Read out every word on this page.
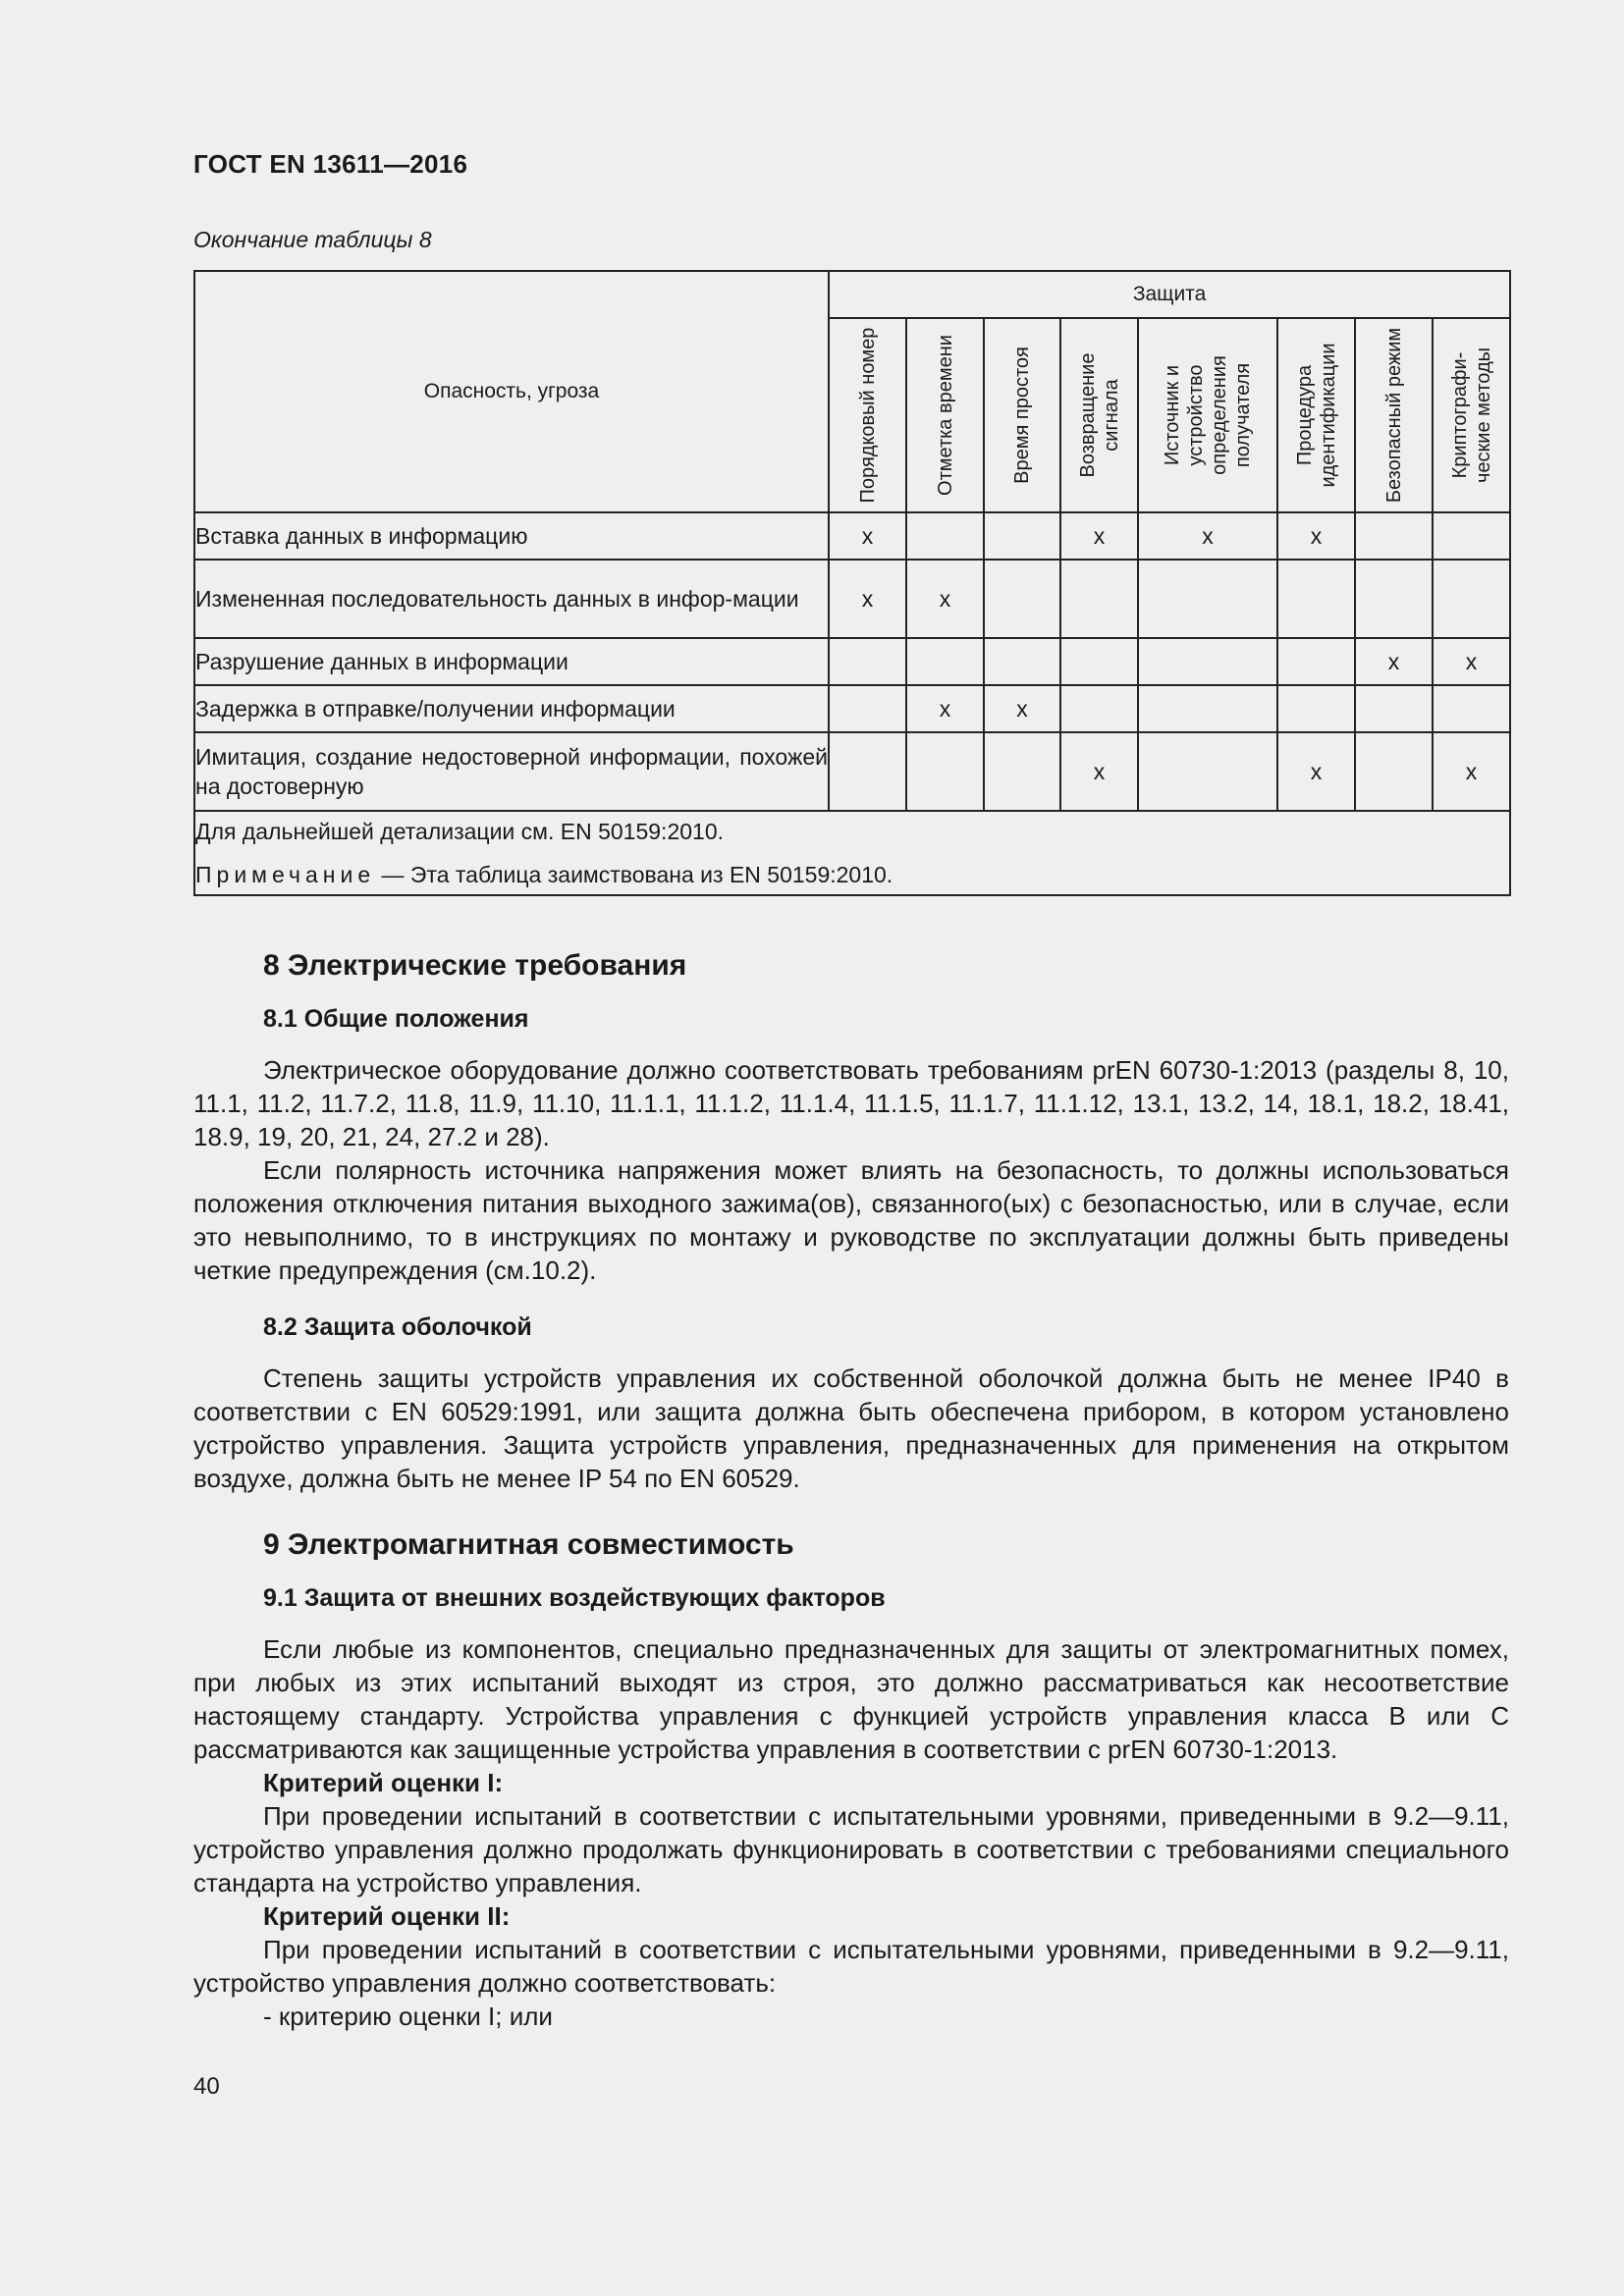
ГОСТ EN 13611—2016
Окончание таблицы 8
Опасность, угроза	Защита							

	Порядковый номер	Отметка времени	Время простоя	Возвращение сигнала	Источник и устройство определения получателя	Процедура идентификации	Безопасный режим	Криптографи-ческие методы

Вставка данных в информацию	x			x	x	x		
Измененная последовательность данных в инфор-мации	x	x						
Разрушение данных в информации							x	x
Задержка в отправке/получении информации		x	x					
Имитация, создание недостоверной информации, похожей на достоверную				x		x		x

Для дальнейшей детализации см. EN 50159:2010.
Примечание — Эта таблица заимствована из EN 50159:2010.								
8 Электрические требования
8.1 Общие положения

Электрическое оборудование должно соответствовать требованиям prEN 60730-1:2013 (разделы 8, 10, 11.1, 11.2, 11.7.2, 11.8, 11.9, 11.10, 11.1.1, 11.1.2, 11.1.4, 11.1.5, 11.1.7, 11.1.12, 13.1, 13.2, 14, 18.1, 18.2, 18.41, 18.9, 19, 20, 21, 24, 27.2 и 28).

Если полярность источника напряжения может влиять на безопасность, то должны использоваться положения отключения питания выходного зажима(ов), связанного(ых) с безопасностью, или в случае, если это невыполнимо, то в инструкциях по монтажу и руководстве по эксплуатации должны быть приведены четкие предупреждения (см.10.2).

8.2 Защита оболочкой

Степень защиты устройств управления их собственной оболочкой должна быть не менее IP40 в соответствии с EN 60529:1991, или защита должна быть обеспечена прибором, в котором установлено устройство управления. Защита устройств управления, предназначенных для применения на открытом воздухе, должна быть не менее IP 54 по EN 60529.

9 Электромагнитная совместимость
9.1 Защита от внешних воздействующих факторов

Если любые из компонентов, специально предназначенных для защиты от электромагнитных помех, при любых из этих испытаний выходят из строя, это должно рассматриваться как несоответствие настоящему стандарту. Устройства управления с функцией устройств управления класса В или С рассматриваются как защищенные устройства управления в соответствии с prEN 60730-1:2013.

Критерий оценки I:

При проведении испытаний в соответствии с испытательными уровнями, приведенными в 9.2—9.11, устройство управления должно продолжать функционировать в соответствии с требованиями специального стандарта на устройство управления.

Критерий оценки II:

При проведении испытаний в соответствии с испытательными уровнями, приведенными в 9.2—9.11, устройство управления должно соответствовать:

- критерию оценки I; или

40
